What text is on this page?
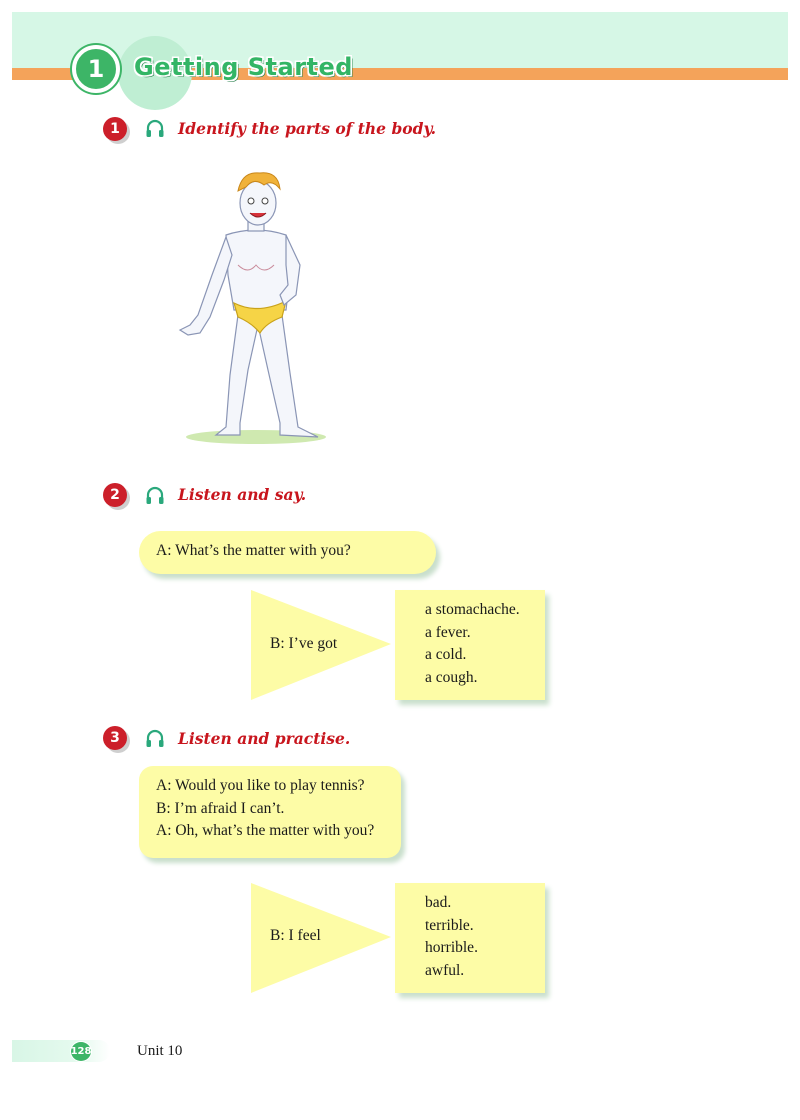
1	Getting Started
1	Identify the parts of the body.
2	Listen and say.
A: What’s the matter with you?
B: I’ve got
a stomachache.
a fever.
a cold.
a cough.
3	Listen and practise.
A: Would you like to play tennis?
B: I’m afraid I can’t.
A: Oh, what’s the matter with you?
B: I feel
bad.
terrible.
horrible.
awful.
128	Unit 10
